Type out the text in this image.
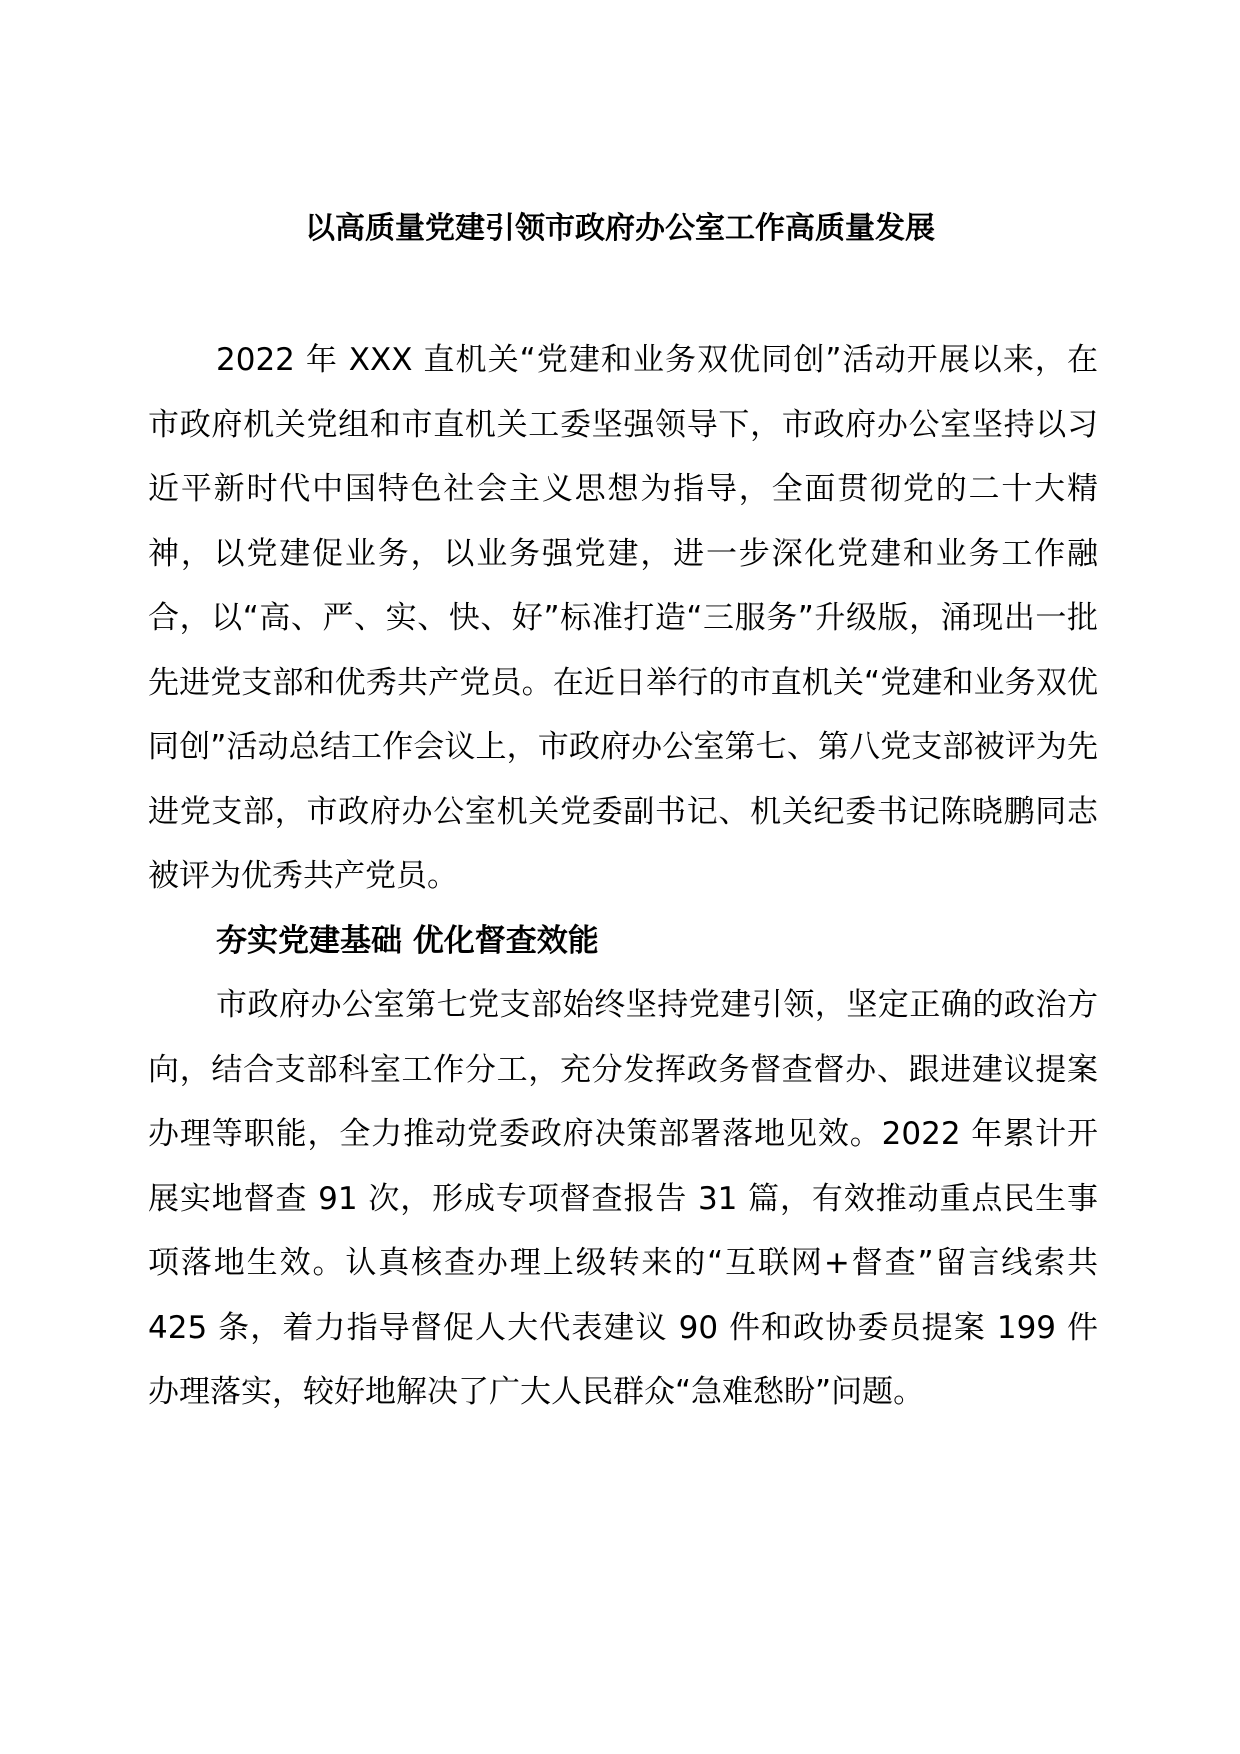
以高质量党建引领市政府办公室工作高质量发展

2022 年 XXX 直机关“党建和业务双优同创”活动开展以来，在市政府机关党组和市直机关工委坚强领导下，市政府办公室坚持以习近平新时代中国特色社会主义思想为指导，全面贯彻党的二十大精神，以党建促业务，以业务强党建，进一步深化党建和业务工作融合，以“高、严、实、快、好”标准打造“三服务”升级版，涌现出一批先进党支部和优秀共产党员。在近日举行的市直机关“党建和业务双优同创”活动总结工作会议上，市政府办公室第七、第八党支部被评为先进党支部，市政府办公室机关党委副书记、机关纪委书记陈晓鹏同志被评为优秀共产党员。

夯实党建基础 优化督查效能

市政府办公室第七党支部始终坚持党建引领，坚定正确的政治方向，结合支部科室工作分工，充分发挥政务督查督办、跟进建议提案办理等职能，全力推动党委政府决策部署落地见效。2022 年累计开展实地督查 91 次，形成专项督查报告 31 篇，有效推动重点民生事项落地生效。认真核查办理上级转来的“互联网+督查”留言线索共 425 条，着力指导督促人大代表建议 90 件和政协委员提案 199 件办理落实，较好地解决了广大人民群众“急难愁盼”问题。
